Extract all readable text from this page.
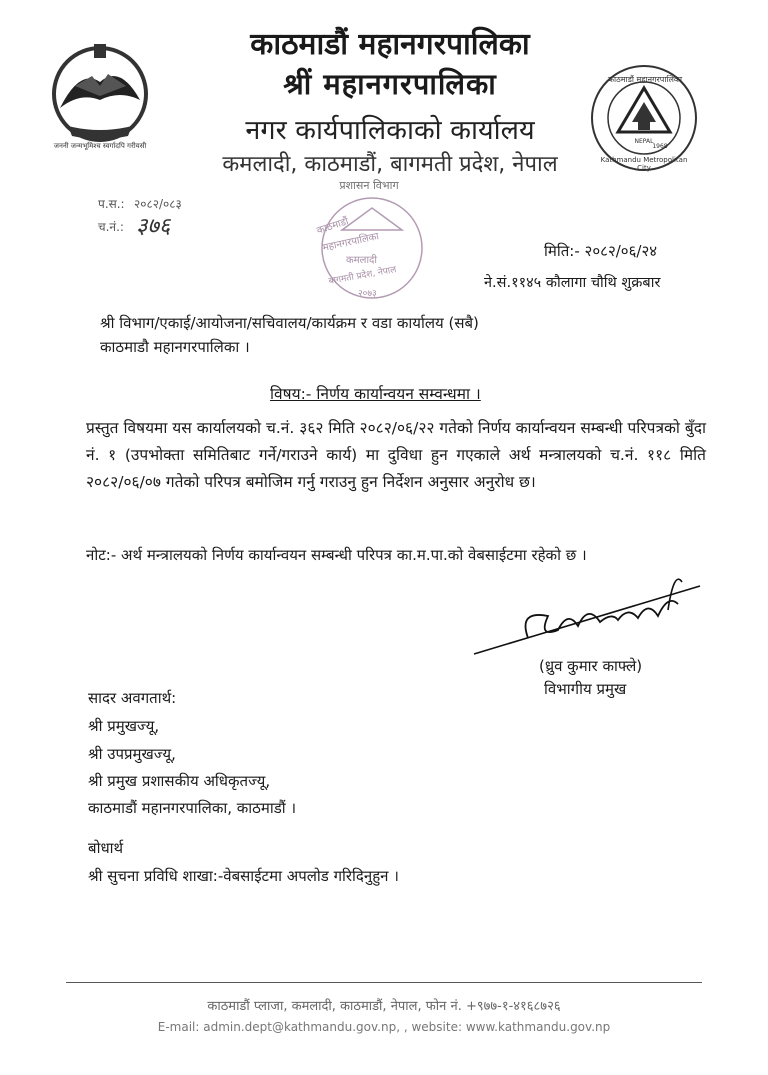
जननी जन्मभूमिश्च स्वर्गादपि गरीयसी
काठमाडौं महानगरपालिका
श्रीं महानगरपालिका
नगर कार्यपालिकाको कार्यालय
कमलादी, काठमाडौं, बागमती प्रदेश, नेपाल
NEPAL
1968
काठमाडौं महानगरपालिका
Kathmandu Metropolitan City
प.स.: २०८२/०८३
च.नं.: ३७६
प्रशासन विभाग
काठमाडौं
महानगरपालिका
कमलादी
बागमती प्रदेश, नेपाल
२०७३
मिति:- २०८२/०६/२४
ने.सं.११४५ कौलागा चौथि शुक्रबार
श्री विभाग/एकाई/आयोजना/सचिवालय/कार्यक्रम र वडा कार्यालय (सबै)
काठमाडौ महानगरपालिका ।
विषय:- निर्णय कार्यान्वयन सम्वन्धमा ।
प्रस्तुत विषयमा यस कार्यालयको च.नं. ३६२ मिति २०८२/०६/२२ गतेको निर्णय कार्यान्वयन सम्बन्धी परिपत्रको बुँदा नं. १ (उपभोक्ता समितिबाट गर्ने/गराउने कार्य) मा दुविधा हुन गएकाले अर्थ मन्त्रालयको च.नं. ११८ मिति २०८२/०६/०७ गतेको परिपत्र बमोजिम गर्नु गराउनु हुन निर्देशन अनुसार अनुरोध छ।
नोट:- अर्थ मन्त्रालयको निर्णय कार्यान्वयन सम्बन्धी परिपत्र का.म.पा.को वेबसाईटमा रहेको छ ।
(ध्रुव कुमार काफ्ले)
विभागीय प्रमुख
सादर अवगतार्थ:
श्री प्रमुखज्यू,
श्री उपप्रमुखज्यू,
श्री प्रमुख प्रशासकीय अधिकृतज्यू,
काठमाडौं महानगरपालिका, काठमाडौं ।
बोधार्थ
श्री सुचना प्रविधि शाखा:-वेबसाईटमा अपलोड गरिदिनुहुन ।
काठमाडौं प्लाजा, कमलादी, काठमाडौं, नेपाल, फोन नं. +९७७-१-४१६८७२६
E-mail: admin.dept@kathmandu.gov.np, , website: www.kathmandu.gov.np
